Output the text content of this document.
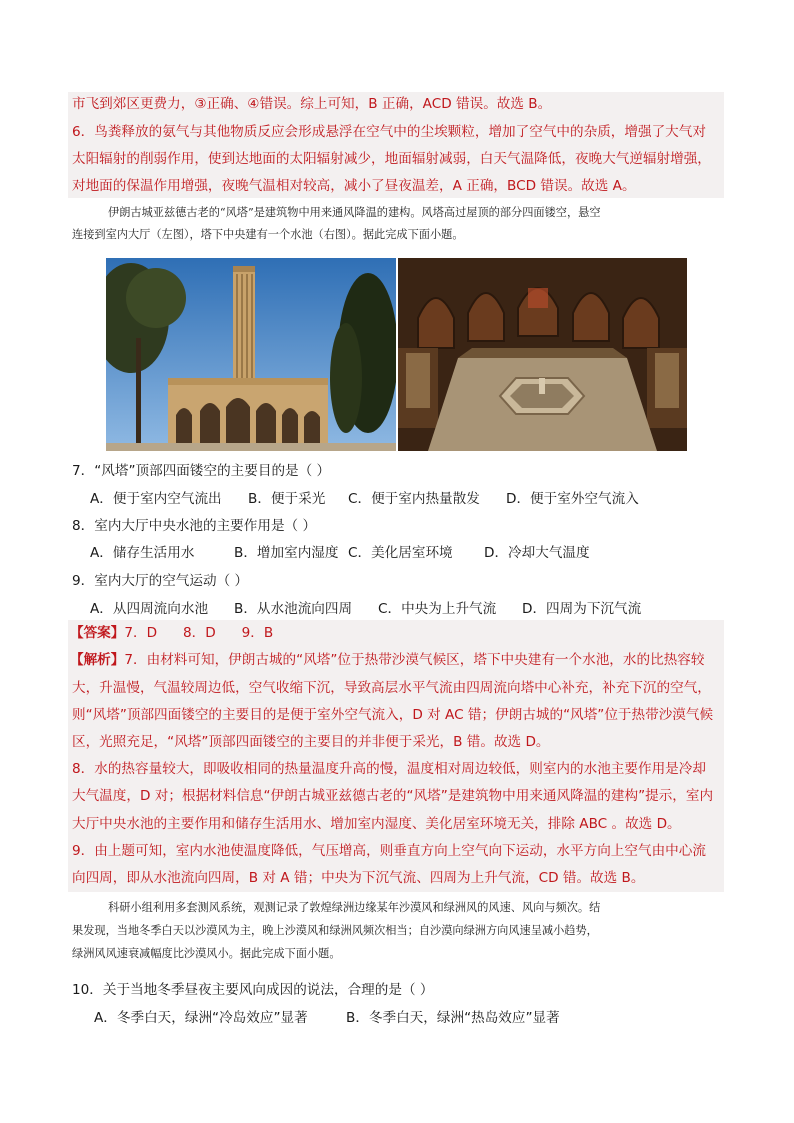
市飞到郊区更费力，③正确、④错误。综上可知，B 正确，ACD 错误。故选 B。
6．鸟粪释放的氨气与其他物质反应会形成悬浮在空气中的尘埃颗粒，增加了空气中的杂质，增强了大气对
太阳辐射的削弱作用，使到达地面的太阳辐射减少，地面辐射减弱，白天气温降低，夜晚大气逆辐射增强，
对地面的保温作用增强，夜晚气温相对较高，减小了昼夜温差，A 正确，BCD 错误。故选 A。
伊朗古城亚兹德古老的“风塔”是建筑物中用来通风降温的建构。风塔高过屋顶的部分四面镂空，悬空
连接到室内大厅（左图），塔下中央建有一个水池（右图）。据此完成下面小题。
7．“风塔”顶部四面镂空的主要目的是（ ）
A．便于室内空气流出 B．便于采光 C．便于室内热量散发 D．便于室外空气流入
8．室内大厅中央水池的主要作用是（ ）
A．储存生活用水	B．增加室内湿度 C．美化居室环境 D．冷却大气温度
9．室内大厅的空气运动（ ）
A．从四周流向水池 B．从水池流向四周 C．中央为上升气流 D．四周为下沉气流
【答案】7．D      8．D      9．B
【解析】7．由材料可知，伊朗古城的“风塔”位于热带沙漠气候区，塔下中央建有一个水池，水的比热容较
大，升温慢，气温较周边低，空气收缩下沉，导致高层水平气流由四周流向塔中心补充，补充下沉的空气，
则“风塔”顶部四面镂空的主要目的是便于室外空气流入，D 对 AC 错；伊朗古城的“风塔”位于热带沙漠气候
区，光照充足，“风塔”顶部四面镂空的主要目的并非便于采光，B 错。故选 D。
8．水的热容量较大，即吸收相同的热量温度升高的慢，温度相对周边较低，则室内的水池主要作用是冷却
大气温度，D 对；根据材料信息“伊朗古城亚兹德古老的“风塔”是建筑物中用来通风降温的建构”提示，室内
大厅中央水池的主要作用和储存生活用水、增加室内湿度、美化居室环境无关，排除 ABC 。故选 D。
9．由上题可知，室内水池使温度降低，气压增高，则垂直方向上空气向下运动，水平方向上空气由中心流
向四周，即从水池流向四周，B 对 A 错；中央为下沉气流、四周为上升气流，CD 错。故选 B。
科研小组利用多套测风系统，观测记录了敦煌绿洲边缘某年沙漠风和绿洲风的风速、风向与频次。结
果发现，当地冬季白天以沙漠风为主，晚上沙漠风和绿洲风频次相当；自沙漠向绿洲方向风速呈减小趋势，
绿洲风风速衰减幅度比沙漠风小。据此完成下面小题。
10．关于当地冬季昼夜主要风向成因的说法，合理的是（ ）
A．冬季白天，绿洲“冷岛效应”显著	B．冬季白天，绿洲“热岛效应”显著
